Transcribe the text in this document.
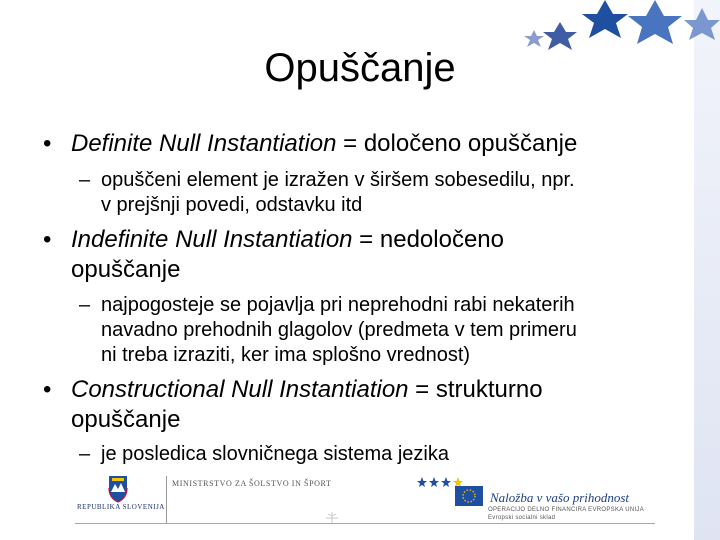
Opuščanje
• Definite Null Instantiation = določeno opuščanje
– opuščeni element je izražen v širšem sobesedilu, npr.
v prejšnji povedi, odstavku itd
• Indefinite Null Instantiation = nedoločeno
opuščanje
– najpogosteje se pojavlja pri neprehodni rabi nekaterih
navadno prehodnih glagolov (predmeta v tem primeru
ni treba izraziti, ker ima splošno vrednost)
• Constructional Null Instantiation = strukturno
opuščanje
– je posledica slovničnega sistema jezika
REPUBLIKA SLOVENIJA
MINISTRSTVO ZA ŠOLSTVO IN ŠPORT
Naložba v vašo prihodnost
OPERACIJO DELNO FINANCIRA EVROPSKA UNIJA
Evropski socialni sklad
